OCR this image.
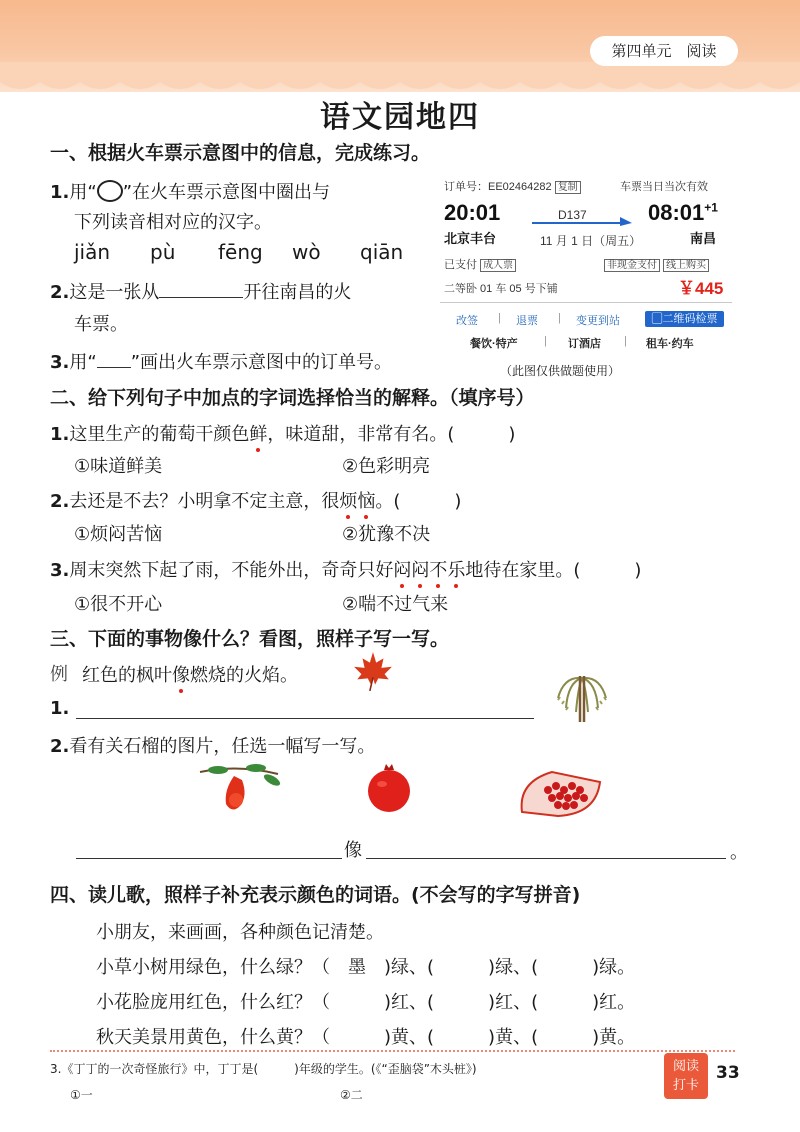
第四单元　阅读
语文园地四
一、根据火车票示意图中的信息，完成练习。
1.用“ ”在火车票示意图中圈出与
下列读音相对应的汉字。
jiǎn pù fēng wò qiān
2.这是一张从	开往南昌的火
车票。
3.用“ ”画出火车票示意图中的订单号。
订单号：EE02464282 复制	车票当日当次有效
20:01	D137	$08:01^{+1}$
北京丰台	11 月 1 日（周五）	南昌
已支付 成人票	非现金支付 线上购买
二等卧 01 车 05 号下铺	￥445
改签 | 退票 | 变更到站	▢二维码检票
餐饮·特产 | 订酒店 | 租车·约车
（此图仅供做题使用）
二、给下列句子中加点的字词选择恰当的解释。（填序号）
1.这里生产的葡萄干颜色鲜，味道甜，非常有名。(　　　)
①味道鲜美	②色彩明亮
2.去还是不去？小明拿不定主意，很烦恼。(　　　)
①烦闷苦恼	②犹豫不决
3.周末突然下起了雨，不能外出，奇奇只好闷闷不乐地待在家里。(　　　)
①很不开心	②喘不过气来
三、下面的事物像什么？看图，照样子写一写。
例 红色的枫叶像燃烧的火焰。
1.
2.看有关石榴的图片，任选一幅写一写。
像	。
四、读儿歌，照样子补充表示颜色的词语。(不会写的字写拼音)
小朋友，来画画，各种颜色记清楚。
小草小树用绿色，什么绿？（　墨　)绿、(　　　)绿、(　　　)绿。
小花脸庞用红色，什么红？（　　　)红、(　　　)红、(　　　)红。
秋天美景用黄色，什么黄？（　　　)黄、(　　　)黄、(　　　)黄。
3.《丁丁的一次奇怪旅行》中，丁丁是(　　　)年级的学生。(《“歪脑袋”木头桩》)
①一	②二
阅读
打卡
33
